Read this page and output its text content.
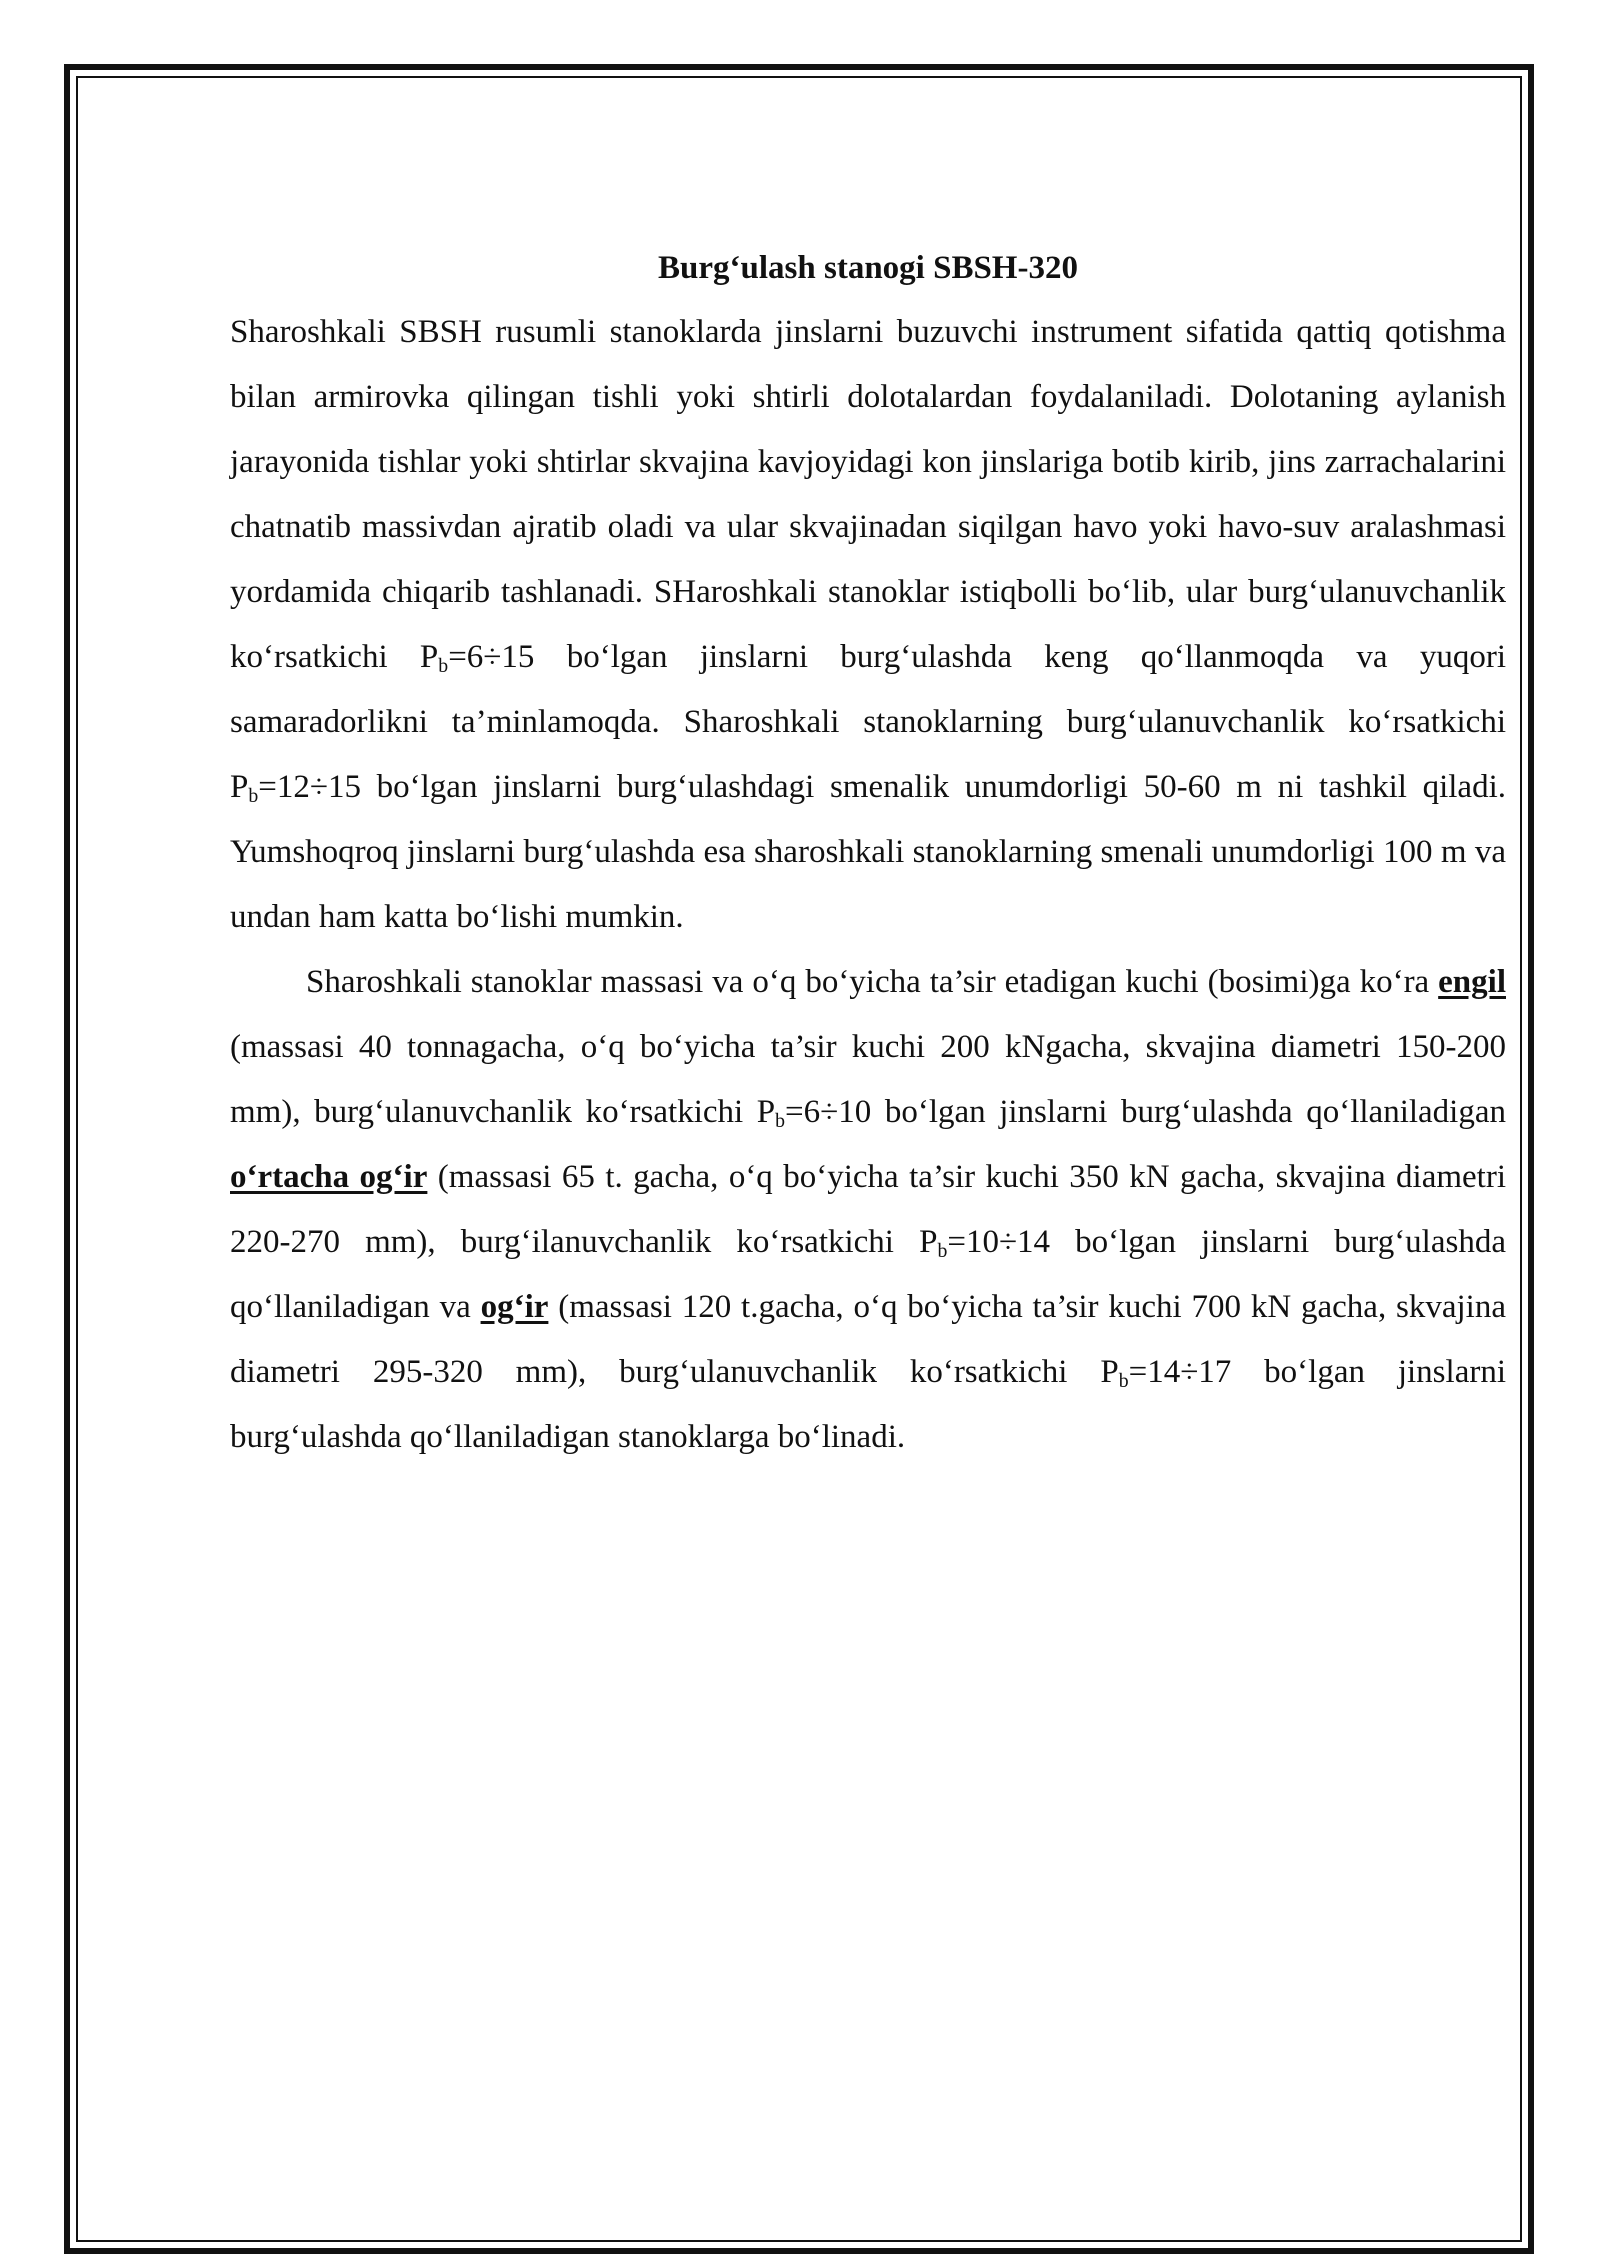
Burg‘ulash stanogi SBSH-320

Sharoshkali SBSH rusumli stanoklarda jinslarni buzuvchi instrument sifatida qattiq qotishma bilan armirovka qilingan tishli yoki shtirli dolotalardan foydalaniladi. Dolotaning aylanish jarayonida tishlar yoki shtirlar skvajina kavjoyidagi kon jinslariga botib kirib, jins zarrachalarini chatnatib massivdan ajratib oladi va ular skvajinadan siqilgan havo yoki havo-suv aralashmasi yordamida chiqarib tashlanadi. SHaroshkali stanoklar istiqbolli bo‘lib, ular burg‘ulanuvchanlik ko‘rsatkichi $P_b=6\div 15$ bo‘lgan jinslarni burg‘ulashda keng qo‘llanmoqda va yuqori samaradorlikni ta’minlamoqda. Sharoshkali stanoklarning burg‘ulanuvchanlik ko‘rsatkichi $P_b=12\div 15$ bo‘lgan jinslarni burg‘ulashdagi smenalik unumdorligi 50-60 m ni tashkil qiladi. Yumshoqroq jinslarni burg‘ulashda esa sharoshkali stanoklarning smenali unumdorligi 100 m va undan ham katta bo‘lishi mumkin.

Sharoshkali stanoklar massasi va o‘q bo‘yicha ta’sir etadigan kuchi (bosimi)ga ko‘ra engil (massasi 40 tonnagacha, o‘q bo‘yicha ta’sir kuchi 200 kNgacha, skvajina diametri 150-200 mm), burg‘ulanuvchanlik ko‘rsatkichi $P_b=6\div 10$ bo‘lgan jinslarni burg‘ulashda qo‘llaniladigan o‘rtacha og‘ir (massasi 65 t. gacha, o‘q bo‘yicha ta’sir kuchi 350 kN gacha, skvajina diametri 220-270 mm), burg‘ilanuvchanlik ko‘rsatkichi $P_b=10\div 14$ bo‘lgan jinslarni burg‘ulashda qo‘llaniladigan va og‘ir (massasi 120 t.gacha, o‘q bo‘yicha ta’sir kuchi 700 kN gacha, skvajina diametri 295-320 mm), burg‘ulanuvchanlik ko‘rsatkichi $P_b=14\div 17$ bo‘lgan jinslarni burg‘ulashda qo‘llaniladigan stanoklarga bo‘linadi.
